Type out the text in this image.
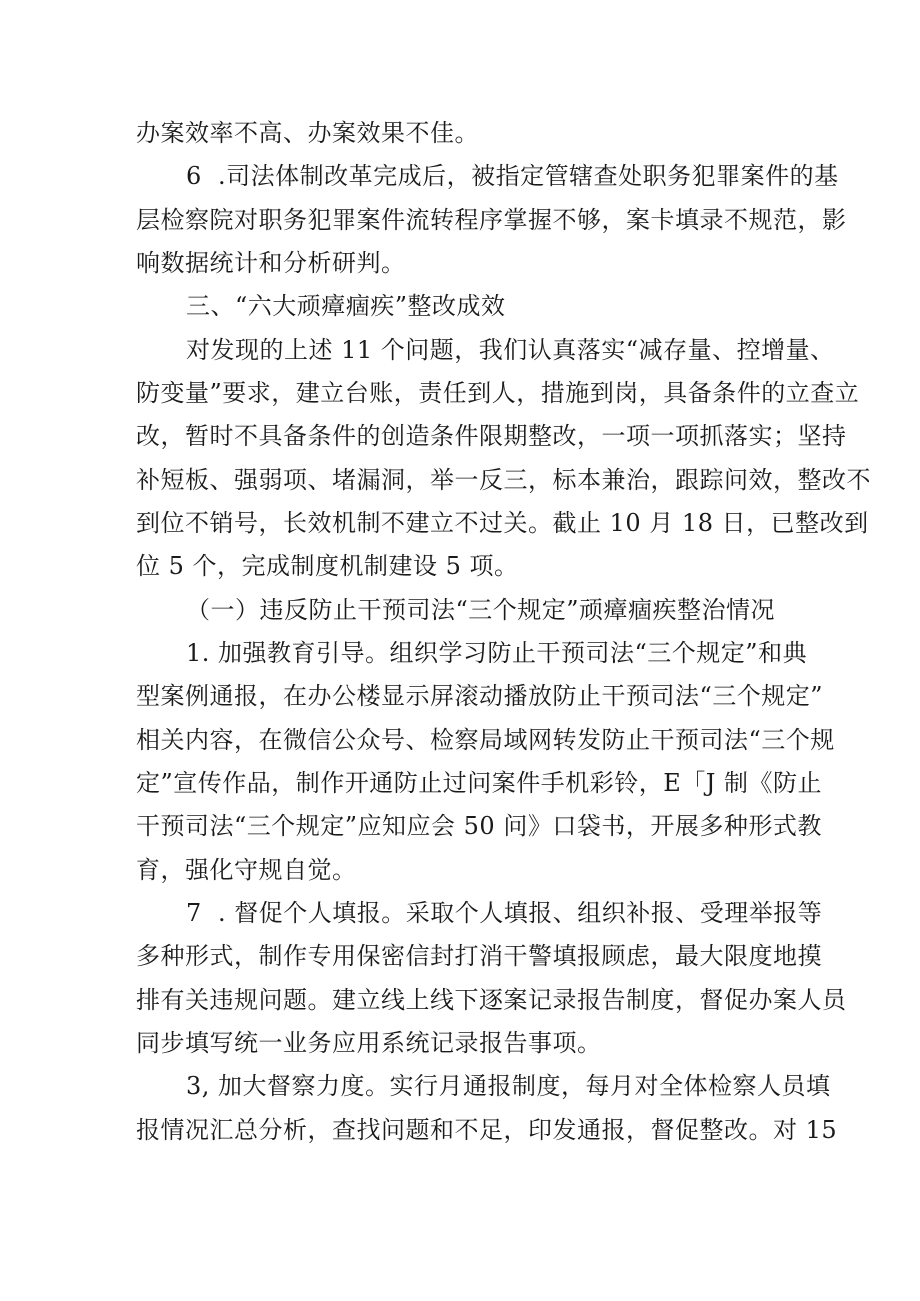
办案效率不高、办案效果不佳。
6  .司法体制改革完成后，被指定管辖查处职务犯罪案件的基
层检察院对职务犯罪案件流转程序掌握不够，案卡填录不规范，影
响数据统计和分析研判。
三、“六大顽瘴痼疾”整改成效
对发现的上述 11 个问题，我们认真落实“减存量、控增量、
防变量”要求，建立台账，责任到人，措施到岗，具备条件的立查立
改，暂时不具备条件的创造条件限期整改，一项一项抓落实；坚持
补短板、强弱项、堵漏洞，举一反三，标本兼治，跟踪问效，整改不
到位不销号，长效机制不建立不过关。截止 10 月 18 日，已整改到
位 5 个，完成制度机制建设 5 项。
（一）违反防止干预司法“三个规定”顽瘴痼疾整治情况
1. 加强教育引导。组织学习防止干预司法“三个规定”和典
型案例通报，在办公楼显示屏滚动播放防止干预司法“三个规定”
相关内容，在微信公众号、检察局域网转发防止干预司法“三个规
定”宣传作品，制作开通防止过问案件手机彩铃，E「J 制《防止
干预司法“三个规定”应知应会 50 问》口袋书，开展多种形式教
育，强化守规自觉。
7  . 督促个人填报。采取个人填报、组织补报、受理举报等
多种形式，制作专用保密信封打消干警填报顾虑，最大限度地摸
排有关违规问题。建立线上线下逐案记录报告制度，督促办案人员
同步填写统一业务应用系统记录报告事项。
3, 加大督察力度。实行月通报制度，每月对全体检察人员填
报情况汇总分析，查找问题和不足，印发通报，督促整改。对 15
